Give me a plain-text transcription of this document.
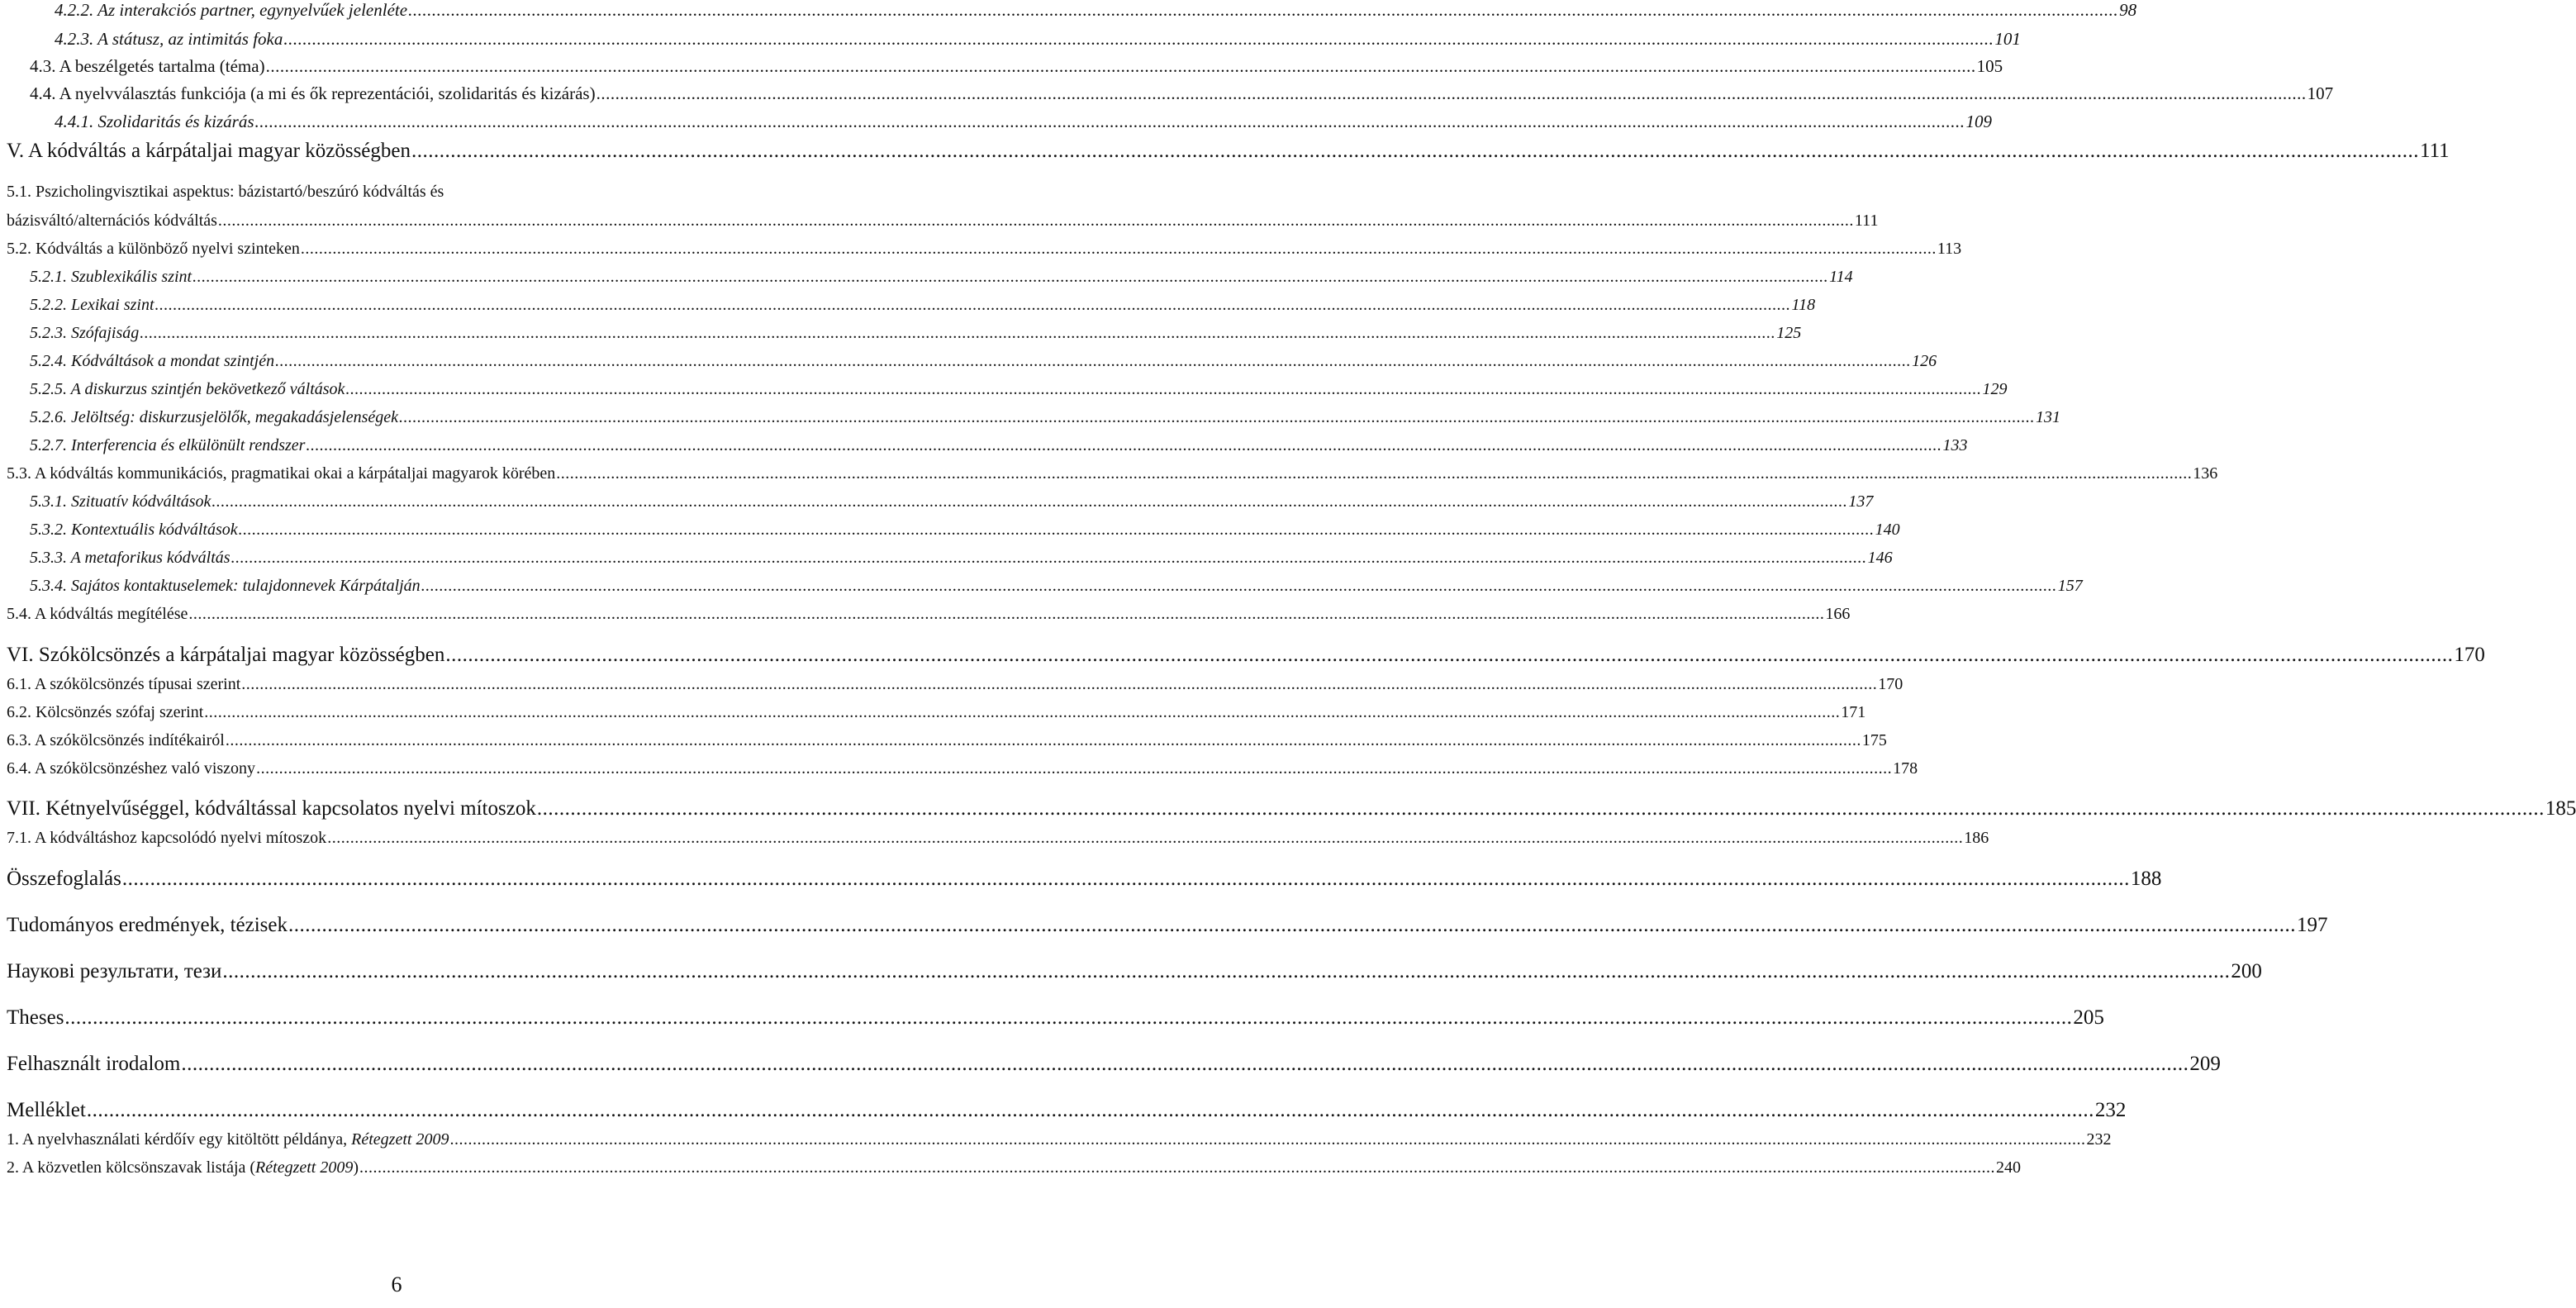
4.2.2. Az interakciós partner, egynyelvűek jelenléte .....	98
4.2.3. A státusz, az intimitás foka .....	101
4.3. A beszélgetés tartalma (téma) .....	105
4.4. A nyelvválasztás funkciója (a mi és ők reprezentációi, szolidaritás és kizárás) .....	107
4.4.1. Szolidaritás és kizárás .....	109
V. A kódváltás a kárpátaljai magyar közösségben .....	111
5.1. Pszicholingvisztikai aspektus: bázistartó/beszúró kódváltás és
bázisváltó/alternációs kódváltás .....	111
5.2. Kódváltás a különböző nyelvi szinteken .....	113
5.2.1. Szublexikális szint .....	114
5.2.2. Lexikai szint .....	118
5.2.3. Szófajiság .....	125
5.2.4. Kódváltások a mondat szintjén .....	126
5.2.5. A diskurzus szintjén bekövetkező váltások .....	129
5.2.6. Jelöltség: diskurzusjelölők, megakadásjelenségek .....	131
5.2.7. Interferencia és elkülönült rendszer .....	133
5.3. A kódváltás kommunikációs, pragmatikai okai a kárpátaljai magyarok körében .....	136
5.3.1. Szituatív kódváltások .....	137
5.3.2. Kontextuális kódváltások .....	140
5.3.3. A metaforikus kódváltás .....	146
5.3.4. Sajátos kontaktuselemek: tulajdonnevek Kárpátalján .....	157
5.4. A kódváltás megítélése .....	166
VI. Szókölcsönzés a kárpátaljai magyar közösségben .....	170
6.1. A szókölcsönzés típusai szerint .....	170
6.2. Kölcsönzés szófaj szerint .....	171
6.3. A szókölcsönzés indítékairól .....	175
6.4. A szókölcsönzéshez való viszony .....	178
VII. Kétnyelvűséggel, kódváltással kapcsolatos nyelvi mítoszok .....	185
7.1. A kódváltáshoz kapcsolódó nyelvi mítoszok .....	186
Összefoglalás .....	188
Tudományos eredmények, tézisek .....	197
Наукові результати, тези .....	200
Theses .....	205
Felhasznált irodalom .....	209
Melléklet .....	232
1. A nyelvhasználati kérdőív egy kitöltött példánya, Rétegzett 2009 .....	232
2. A közvetlen kölcsönszavak listája (Rétegzett 2009) .....	240
6
